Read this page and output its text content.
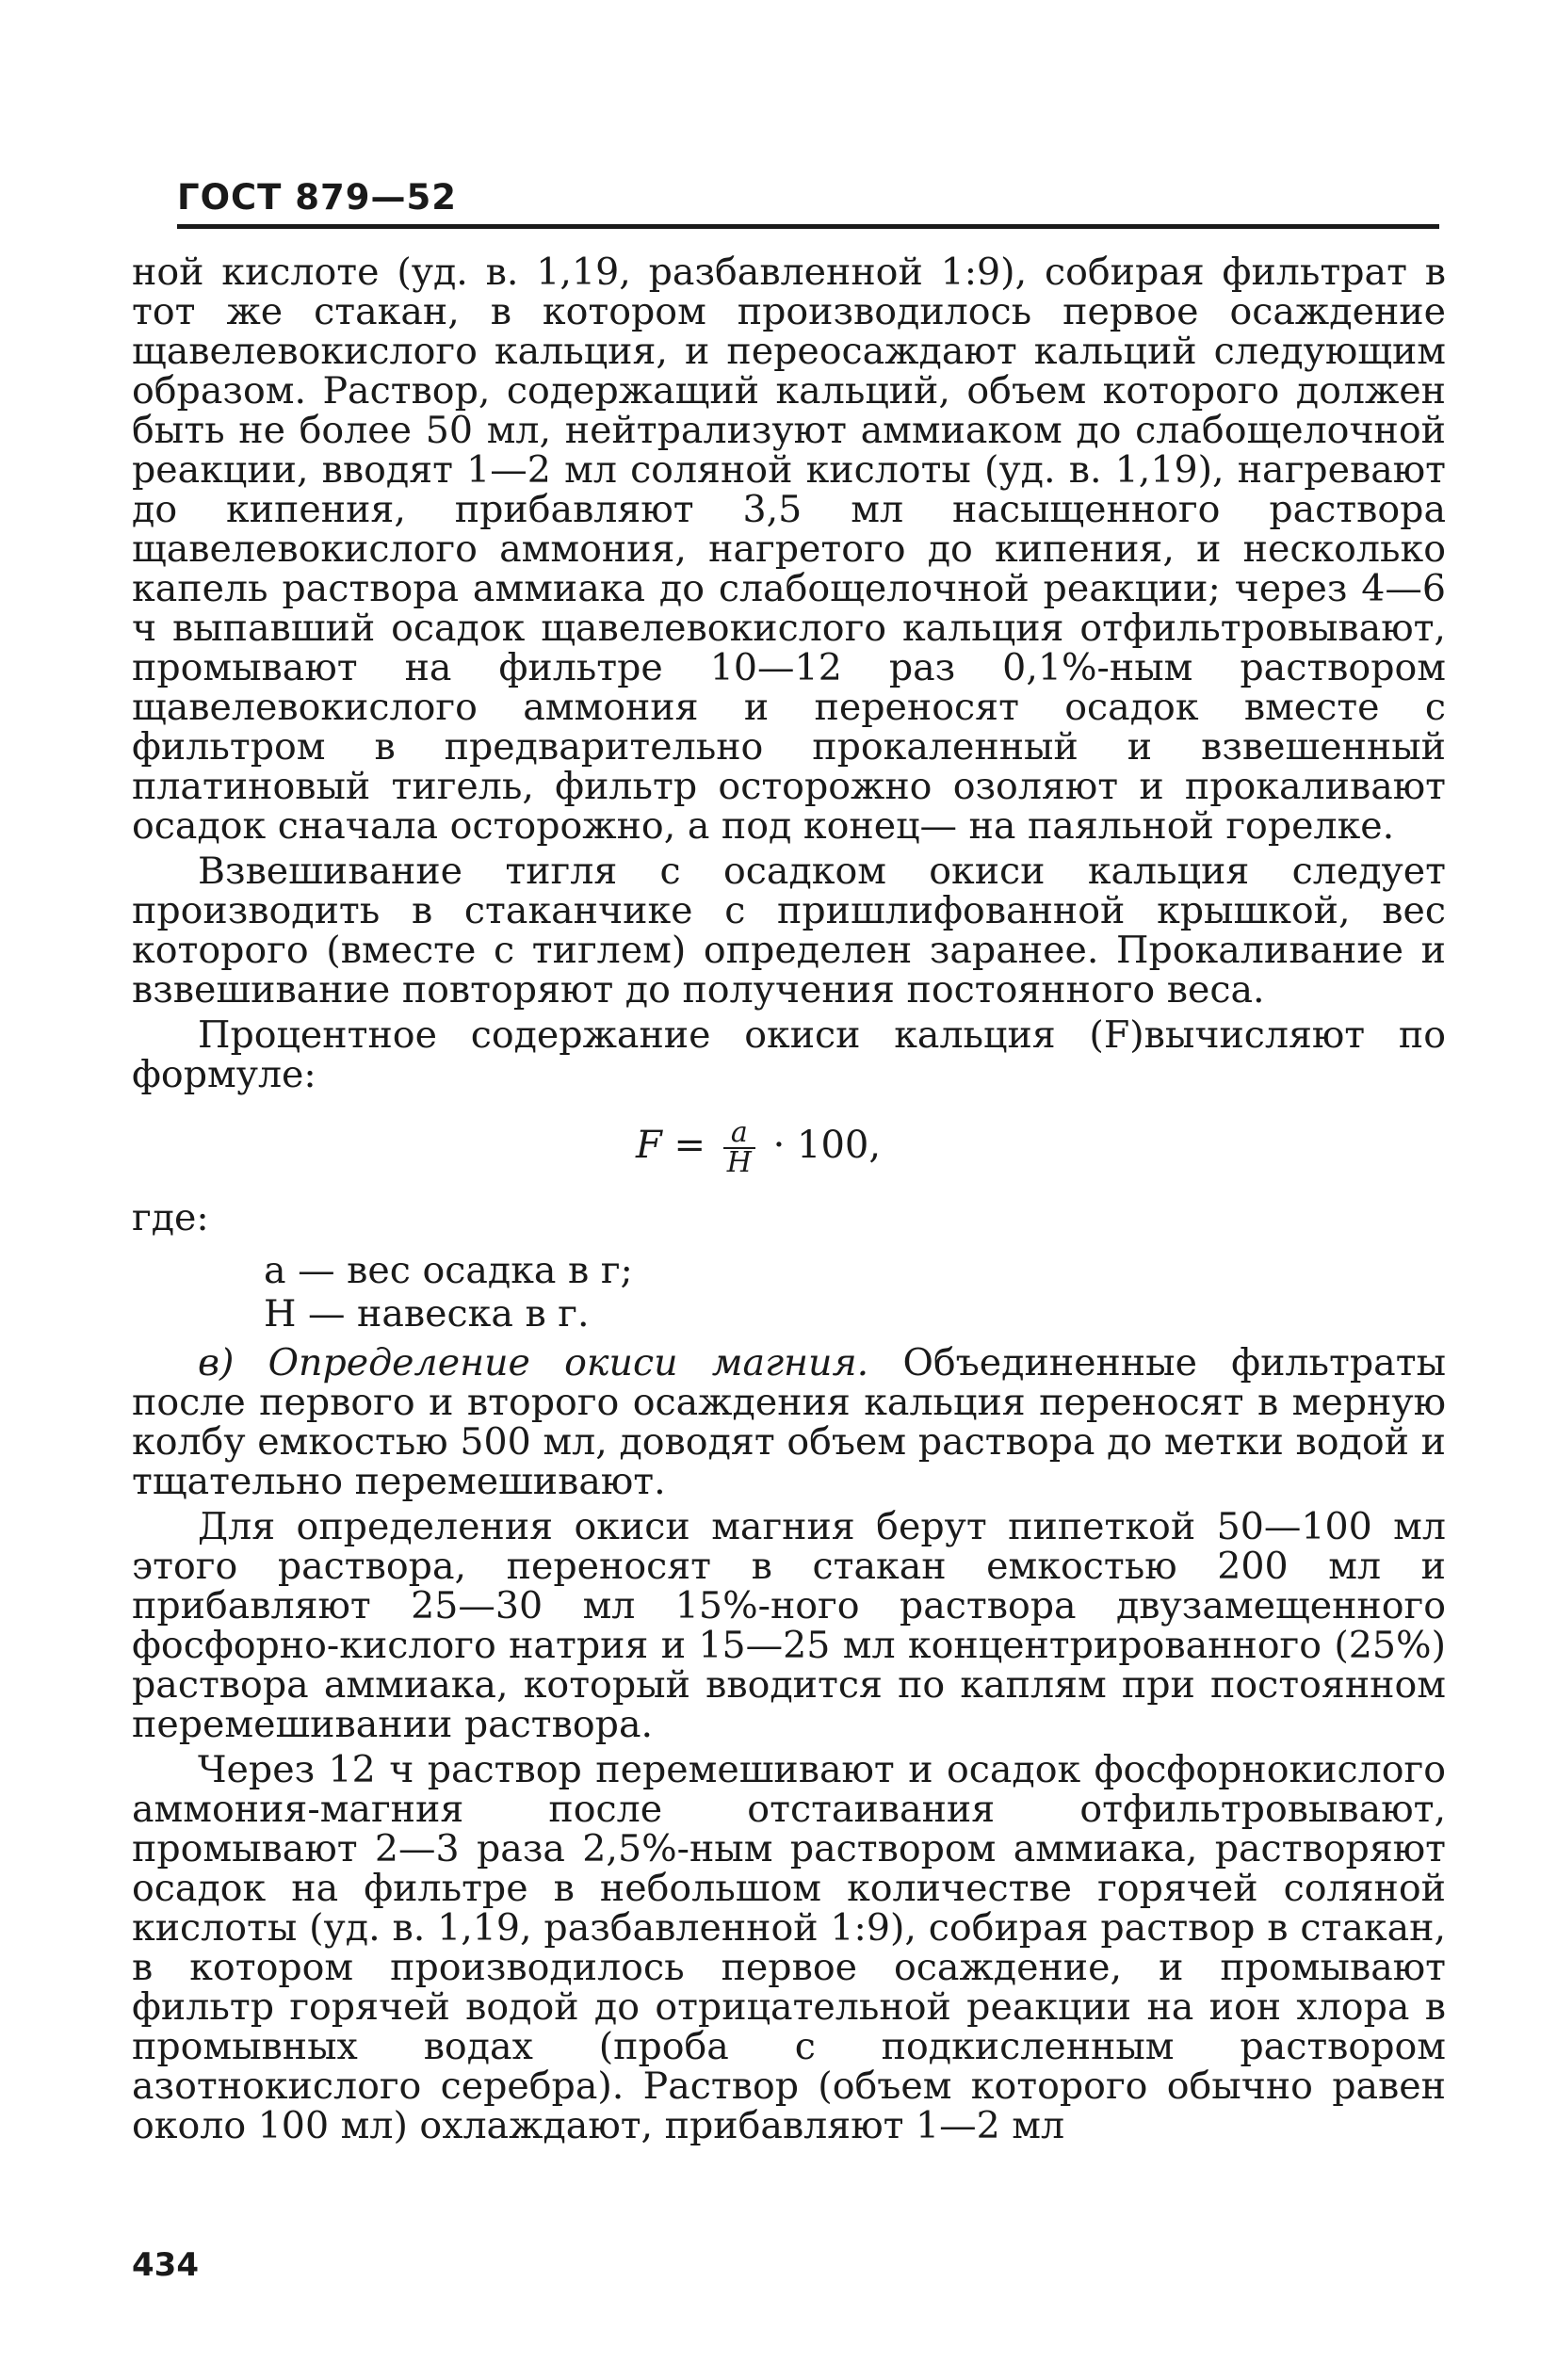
ГОСТ 879—52

ной кислоте (уд. в. 1,19, разбавленной 1:9), собирая фильтрат в тот же стакан, в котором производилось первое осаждение щавелевокислого кальция, и переосаждают кальций следующим образом. Раствор, содержащий кальций, объем которого должен быть не более 50 мл, нейтрализуют аммиаком до слабощелочной реакции, вводят 1—2 мл соляной кислоты (уд. в. 1,19), нагревают до кипения, прибавляют 3,5 мл насыщенного раствора щавелевокислого аммония, нагретого до кипения, и несколько капель раствора аммиака до слабощелочной реакции; через 4—6 ч выпавший осадок щавелевокислого кальция отфильтровывают, промывают на фильтре 10—12 раз 0,1%-ным раствором щавелевокислого аммония и переносят осадок вместе с фильтром в предварительно прокаленный и взвешенный платиновый тигель, фильтр осторожно озоляют и прокаливают осадок сначала осторожно, а под конец— на паяльной горелке.

Взвешивание тигля с осадком окиси кальция следует производить в стаканчике с пришлифованной крышкой, вес которого (вместе с тиглем) определен заранее. Прокаливание и взвешивание повторяют до получения постоянного веса.

Процентное содержание окиси кальция (F)вычисляют по формуле:

$F = \frac{a}{H} \cdot 100$,
где:
a — вес осадка в г;
H — навеска в г.

в) Определение окиси магния. Объединенные фильтраты после первого и второго осаждения кальция переносят в мерную колбу емкостью 500 мл, доводят объем раствора до метки водой и тщательно перемешивают.

Для определения окиси магния берут пипеткой 50—100 мл этого раствора, переносят в стакан емкостью 200 мл и прибавляют 25—30 мл 15%-ного раствора двузамещенного фосфорно-кислого натрия и 15—25 мл концентрированного (25%) раствора аммиака, который вводится по каплям при постоянном перемешивании раствора.

Через 12 ч раствор перемешивают и осадок фосфорнокислого аммония-магния после отстаивания отфильтровывают, промывают 2—3 раза 2,5%-ным раствором аммиака, растворяют осадок на фильтре в небольшом количестве горячей соляной кислоты (уд. в. 1,19, разбавленной 1:9), собирая раствор в стакан, в котором производилось первое осаждение, и промывают фильтр горячей водой до отрицательной реакции на ион хлора в промывных водах (проба с подкисленным раствором азотнокислого серебра). Раствор (объем которого обычно равен около 100 мл) охлаждают, прибавляют 1—2 мл

434
